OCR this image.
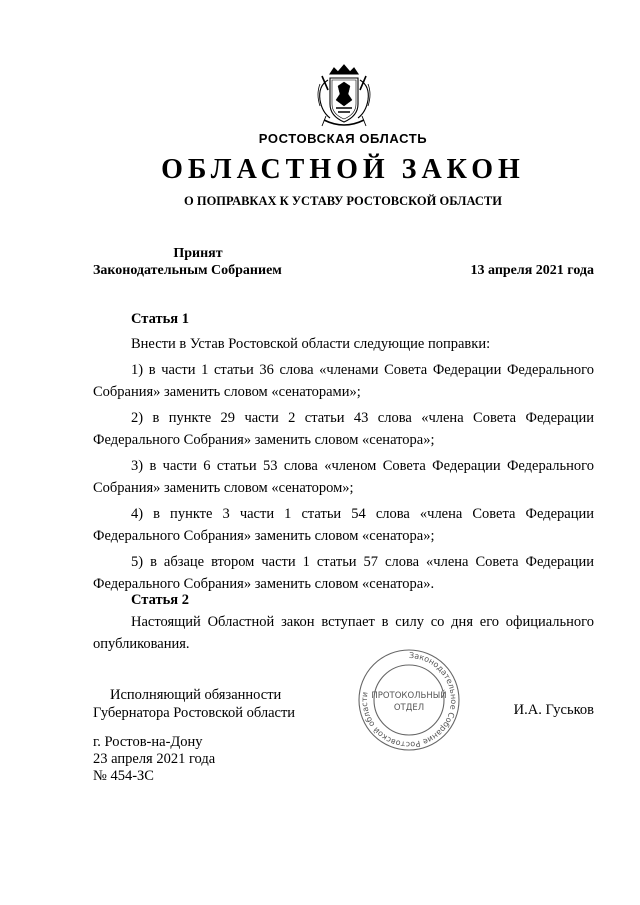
РОСТОВСКАЯ ОБЛАСТЬ
ОБЛАСТНОЙ ЗАКОН
О ПОПРАВКАХ К УСТАВУ РОСТОВСКОЙ ОБЛАСТИ
Принят
Законодательным Собранием	13 апреля 2021 года
Статья 1

Внести в Устав Ростовской области следующие поправки:

1) в части 1 статьи 36 слова «членами Совета Федерации Федерального Собрания» заменить словом «сенаторами»;

2) в пункте 29 части 2 статьи 43 слова «члена Совета Федерации Федерального Собрания» заменить словом «сенатора»;

3) в части 6 статьи 53 слова «членом Совета Федерации Федерального Собрания» заменить словом «сенатором»;

4) в пункте 3 части 1 статьи 54 слова «члена Совета Федерации Федерального Собрания» заменить словом «сенатора»;

5) в абзаце втором части 1 статьи 57 слова «члена Совета Федерации Федерального Собрания» заменить словом «сенатора».

Статья 2

Настоящий Областной закон вступает в силу со дня его официального опубликования.

Исполняющий обязанности
Губернатора Ростовской области	И.А. Гуськов
Законодательное Собрание Ростовской области ПРОТОКОЛЬНЫЙ
ОТДЕЛ
г. Ростов-на-Дону
23 апреля 2021 года
№ 454-ЗС
